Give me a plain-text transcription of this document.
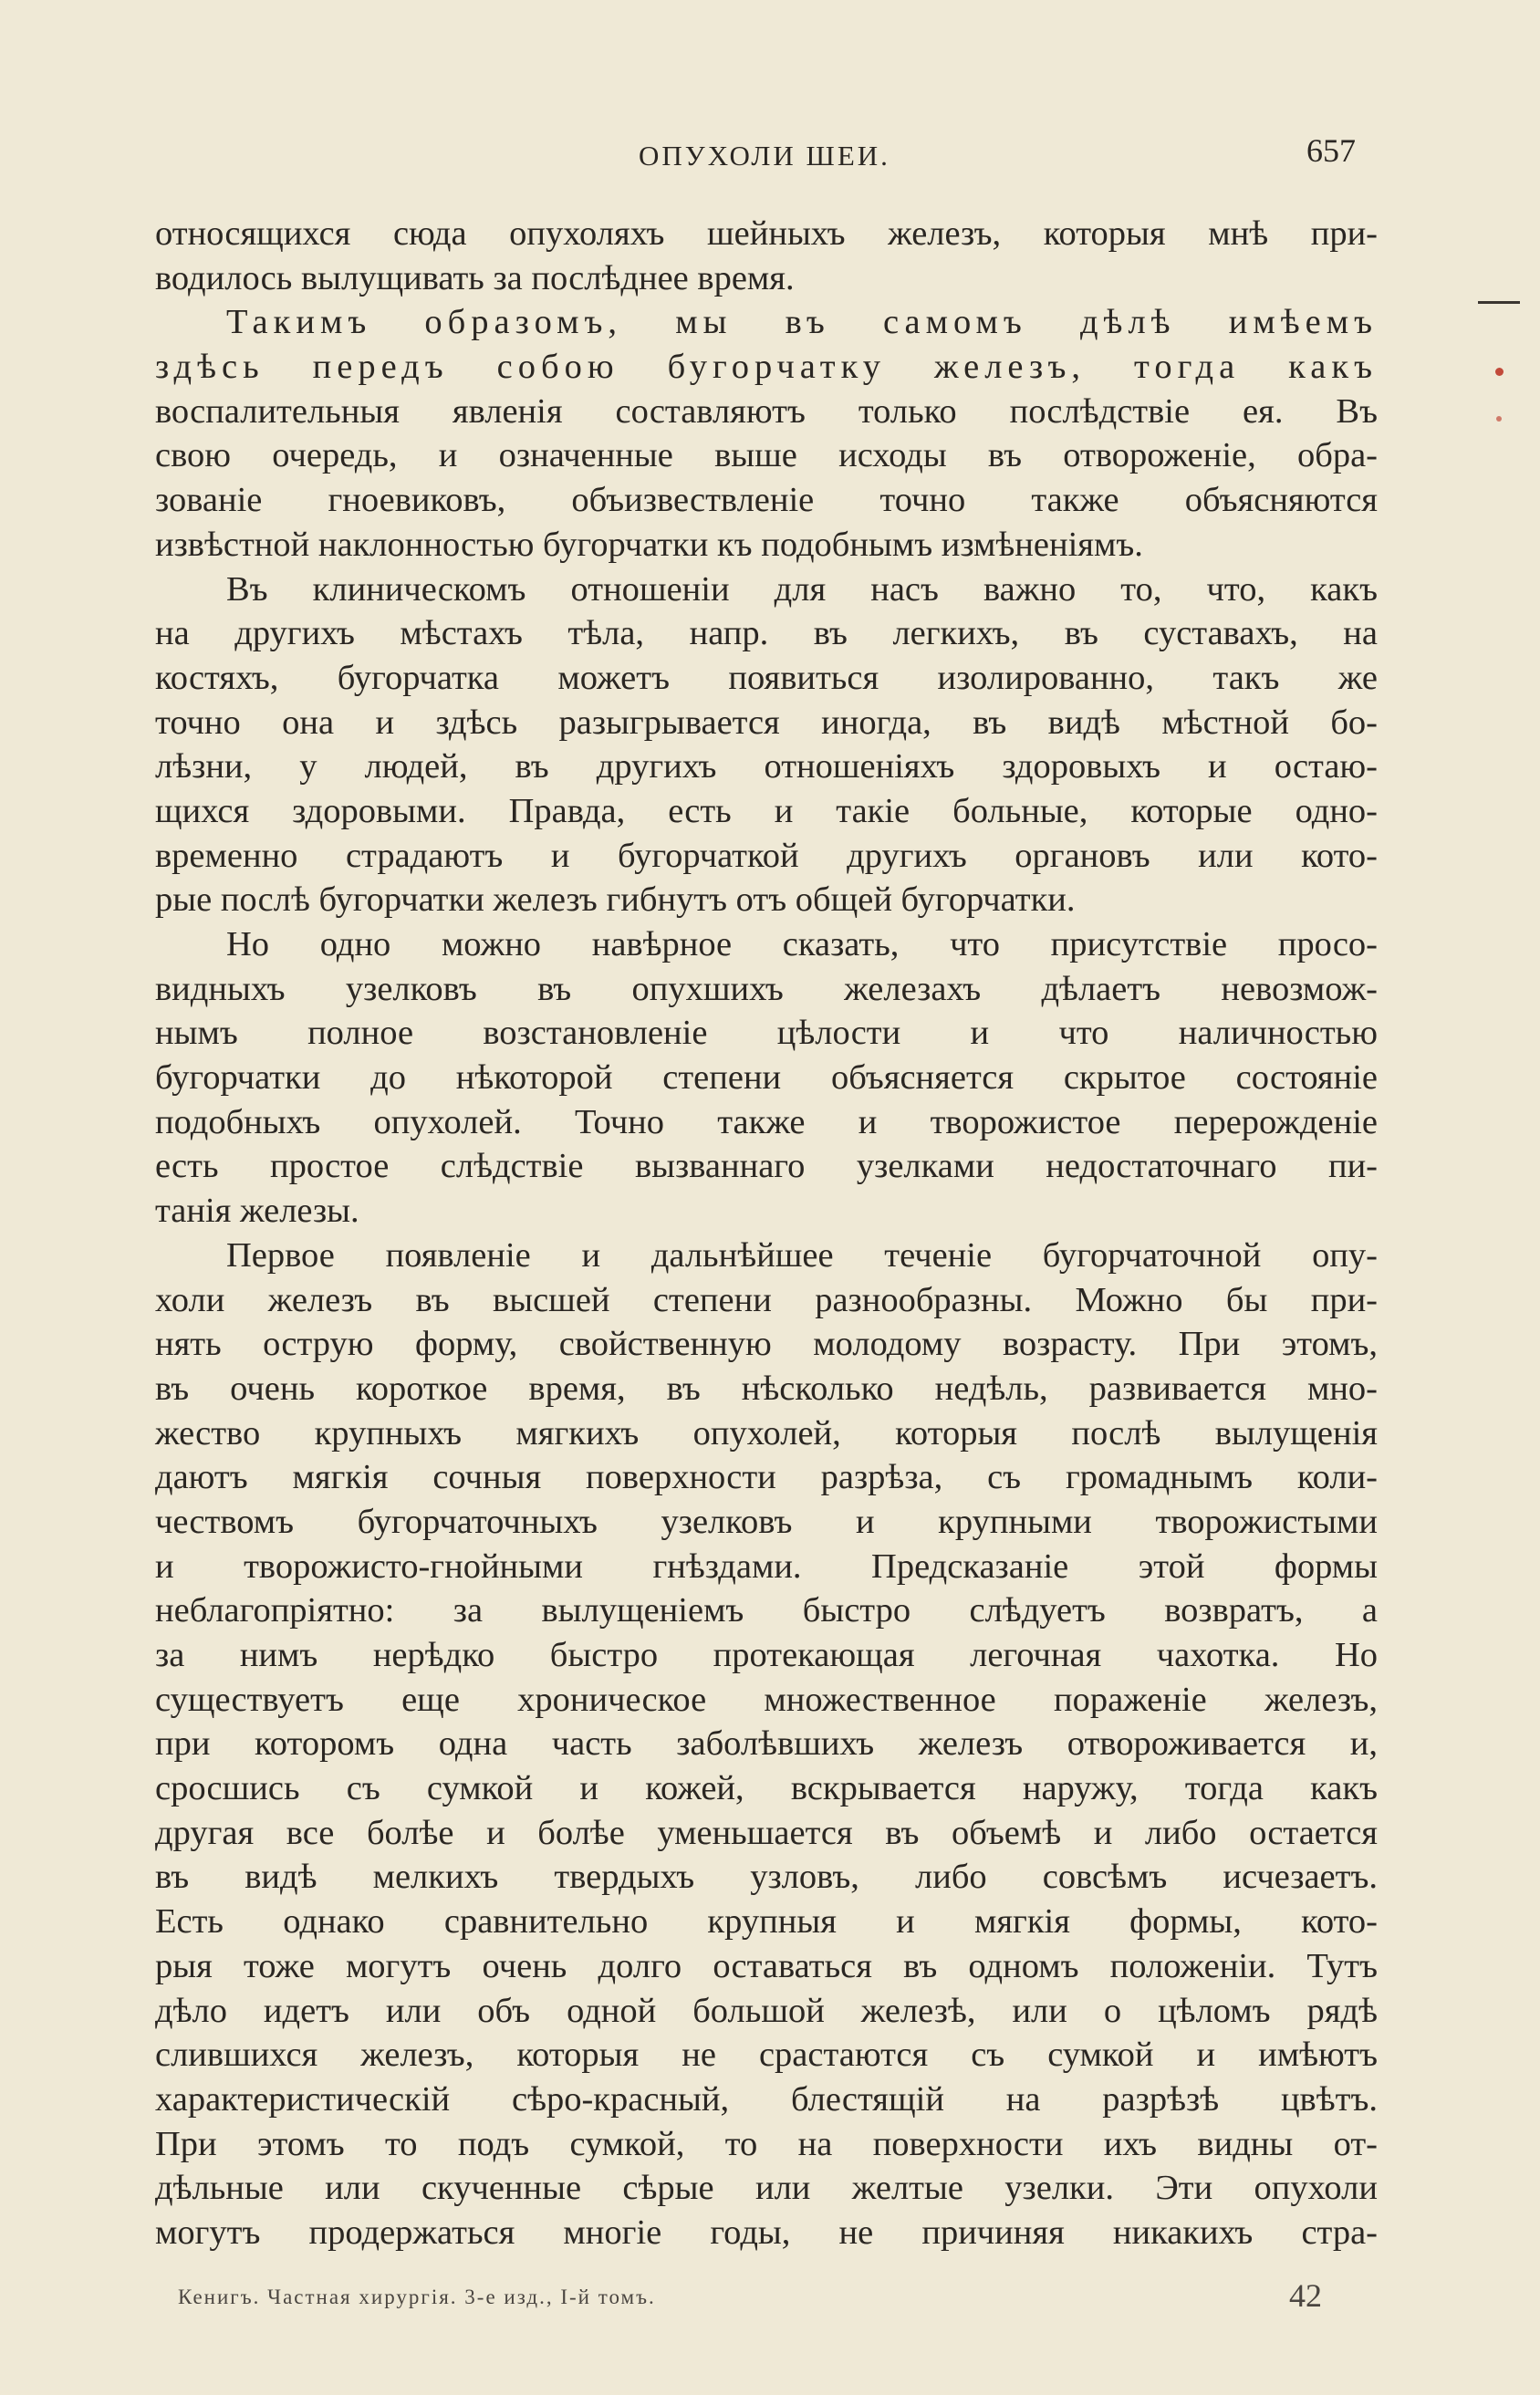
ОПУХОЛИ ШЕИ.	657
относящихся сюда опухоляхъ шейныхъ железъ, которыя мнѣ при-
водилось вылущивать за послѣднее время.
Такимъ образомъ, мы въ самомъ дѣлѣ имѣемъ
здѣсь передъ собою бугорчатку железъ, тогда какъ
воспалительныя явленія составляютъ только послѣдствіе ея. Въ
свою очередь, и означенные выше исходы въ отвороженіе, обра-
зованіе гноевиковъ, объизвествленіе точно также объясняются
извѣстной наклонностью бугорчатки къ подобнымъ измѣненіямъ.
Въ клиническомъ отношеніи для насъ важно то, что, какъ
на другихъ мѣстахъ тѣла, напр. въ легкихъ, въ суставахъ, на
костяхъ, бугорчатка можетъ появиться изолированно, такъ же
точно она и здѣсь разыгрывается иногда, въ видѣ мѣстной бо-
лѣзни, у людей, въ другихъ отношеніяхъ здоровыхъ и остаю-
щихся здоровыми. Правда, есть и такіе больные, которые одно-
временно страдаютъ и бугорчаткой другихъ органовъ или кото-
рые послѣ бугорчатки железъ гибнутъ отъ общей бугорчатки.
Но одно можно навѣрное сказать, что присутствіе просо-
видныхъ узелковъ въ опухшихъ железахъ дѣлаетъ невозмож-
нымъ полное возстановленіе цѣлости и что наличностью
бугорчатки до нѣкоторой степени объясняется скрытое состояніе
подобныхъ опухолей. Точно также и творожистое перерожденіе
есть простое слѣдствіе вызваннаго узелками недостаточнаго пи-
танія железы.
Первое появленіе и дальнѣйшее теченіе бугорчаточной опу-
холи железъ въ высшей степени разнообразны. Можно бы при-
нять острую форму, свойственную молодому возрасту. При этомъ,
въ очень короткое время, въ нѣсколько недѣль, развивается мно-
жество крупныхъ мягкихъ опухолей, которыя послѣ вылущенія
даютъ мягкія сочныя поверхности разрѣза, съ громаднымъ коли-
чествомъ бугорчаточныхъ узелковъ и крупными творожистыми
и творожисто-гнойными гнѣздами. Предсказаніе этой формы
неблагопріятно: за вылущеніемъ быстро слѣдуетъ возвратъ, а
за нимъ нерѣдко быстро протекающая легочная чахотка. Но
существуетъ еще хроническое множественное пораженіе железъ,
при которомъ одна часть заболѣвшихъ железъ отвороживается и,
сросшись съ сумкой и кожей, вскрывается наружу, тогда какъ
другая все болѣе и болѣе уменьшается въ объемѣ и либо остается
въ видѣ мелкихъ твердыхъ узловъ, либо совсѣмъ исчезаетъ.
Есть однако сравнительно крупныя и мягкія формы, кото-
рыя тоже могутъ очень долго оставаться въ одномъ положеніи. Тутъ
дѣло идетъ или объ одной большой железѣ, или о цѣломъ рядѣ
слившихся железъ, которыя не срастаются съ сумкой и имѣютъ
характеристическій сѣро-красный, блестящій на разрѣзѣ цвѣтъ.
При этомъ то подъ сумкой, то на поверхности ихъ видны от-
дѣльные или скученные сѣрые или желтые узелки. Эти опухоли
могутъ продержаться многіе годы, не причиняя никакихъ стра-
Кенигъ. Частная хирургія. 3-е изд., I-й томъ.	42
